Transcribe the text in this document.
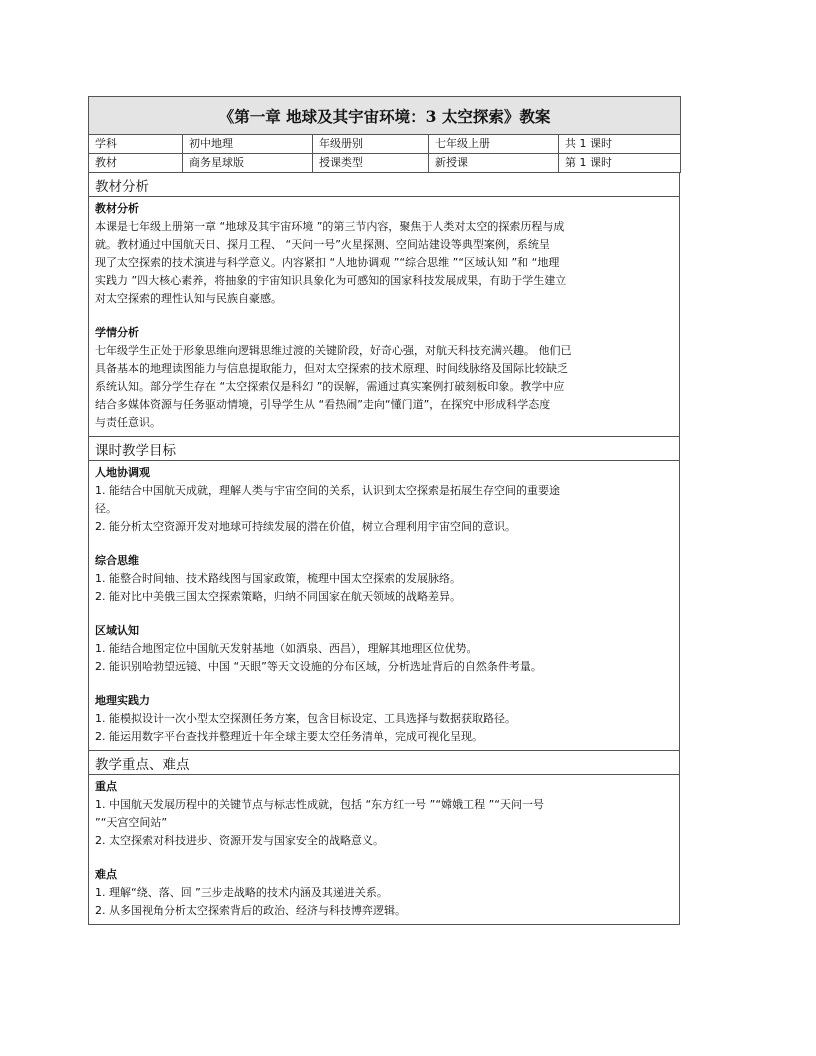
《第一章 地球及其宇宙环境：3 太空探索》教案				
学科	初中地理	年级册别	七年级上册	共 1 课时
教材	商务星球版	授课类型	新授课	第 1 课时
教材分析
教材分析
本课是七年级上册第一章 “地球及其宇宙环境 ”的第三节内容，聚焦于人类对太空的探索历程与成
就。教材通过中国航天日、探月工程、 “天问一号”火星探测、空间站建设等典型案例，系统呈
现了太空探索的技术演进与科学意义。内容紧扣 “人地协调观 ”“综合思维 ”“区域认知 ”和 “地理
实践力 ”四大核心素养，将抽象的宇宙知识具象化为可感知的国家科技发展成果，有助于学生建立
对太空探索的理性认知与民族自豪感。
学情分析
七年级学生正处于形象思维向逻辑思维过渡的关键阶段，好奇心强，对航天科技充满兴趣。 他们已
具备基本的地理读图能力与信息提取能力，但对太空探索的技术原理、时间线脉络及国际比较缺乏
系统认知。部分学生存在 “太空探索仅是科幻 ”的误解，需通过真实案例打破刻板印象。教学中应
结合多媒体资源与任务驱动情境，引导学生从 “看热闹”走向“懂门道”，在探究中形成科学态度
与责任意识。
课时教学目标
人地协调观
1. 能结合中国航天成就，理解人类与宇宙空间的关系，认识到太空探索是拓展生存空间的重要途
径。
2. 能分析太空资源开发对地球可持续发展的潜在价值，树立合理利用宇宙空间的意识。
综合思维
1. 能整合时间轴、技术路线图与国家政策，梳理中国太空探索的发展脉络。
2. 能对比中美俄三国太空探索策略，归纳不同国家在航天领域的战略差异。
区域认知
1. 能结合地图定位中国航天发射基地（如酒泉、西昌），理解其地理区位优势。
2. 能识别哈勃望远镜、中国 “天眼”等天文设施的分布区域，分析选址背后的自然条件考量。
地理实践力
1. 能模拟设计一次小型太空探测任务方案，包含目标设定、工具选择与数据获取路径。
2. 能运用数字平台查找并整理近十年全球主要太空任务清单，完成可视化呈现。
教学重点、难点
重点
1. 中国航天发展历程中的关键节点与标志性成就，包括 “东方红一号 ”“嫦娥工程 ”“天问一号
”“天宫空间站”
2. 太空探索对科技进步、资源开发与国家安全的战略意义。
难点
1. 理解“绕、落、回 ”三步走战略的技术内涵及其递进关系。
2. 从多国视角分析太空探索背后的政治、经济与科技博弈逻辑。
